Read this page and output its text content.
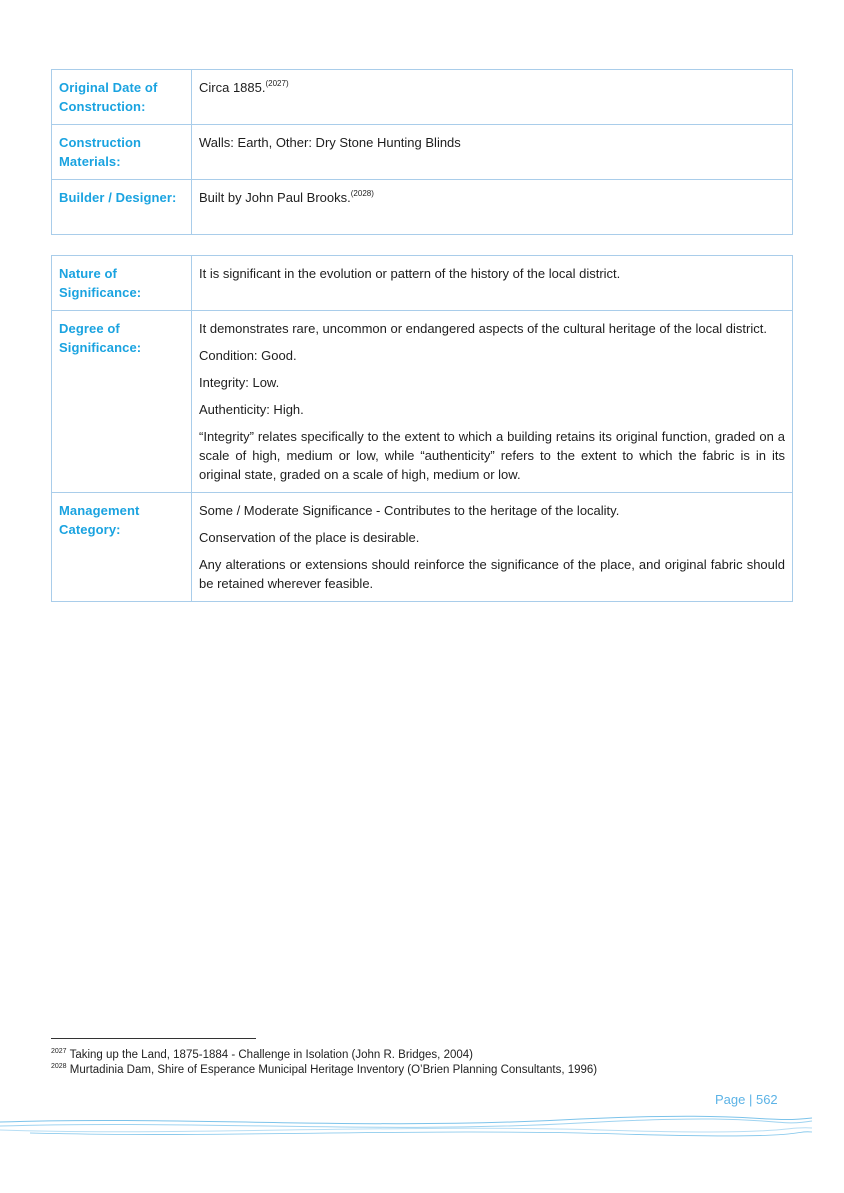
Original Date of Construction:	Circa 1885.$^{(2027)}$
Construction Materials:	Walls: Earth, Other: Dry Stone Hunting Blinds
Builder / Designer:	Built by John Paul Brooks.$^{(2028)}$
Nature of Significance:	It is significant in the evolution or pattern of the history of the local district.
Degree of Significance:	It demonstrates rare, uncommon or endangered aspects of the cultural heritage of the local district.

Condition: Good.

Integrity: Low.

Authenticity: High.

“Integrity” relates specifically to the extent to which a building retains its original function, graded on a scale of high, medium or low, while “authenticity” refers to the extent to which the fabric is in its original state, graded on a scale of high, medium or low.

Management Category:	Some / Moderate Significance - Contributes to the heritage of the locality.

Conservation of the place is desirable.

Any alterations or extensions should reinforce the significance of the place, and original fabric should be retained wherever feasible.

$^{2027}$ Taking up the Land, 1875-1884 - Challenge in Isolation (John R. Bridges, 2004)
$^{2028}$ Murtadinia Dam, Shire of Esperance Municipal Heritage Inventory (O’Brien Planning Consultants, 1996)
Page | 562
